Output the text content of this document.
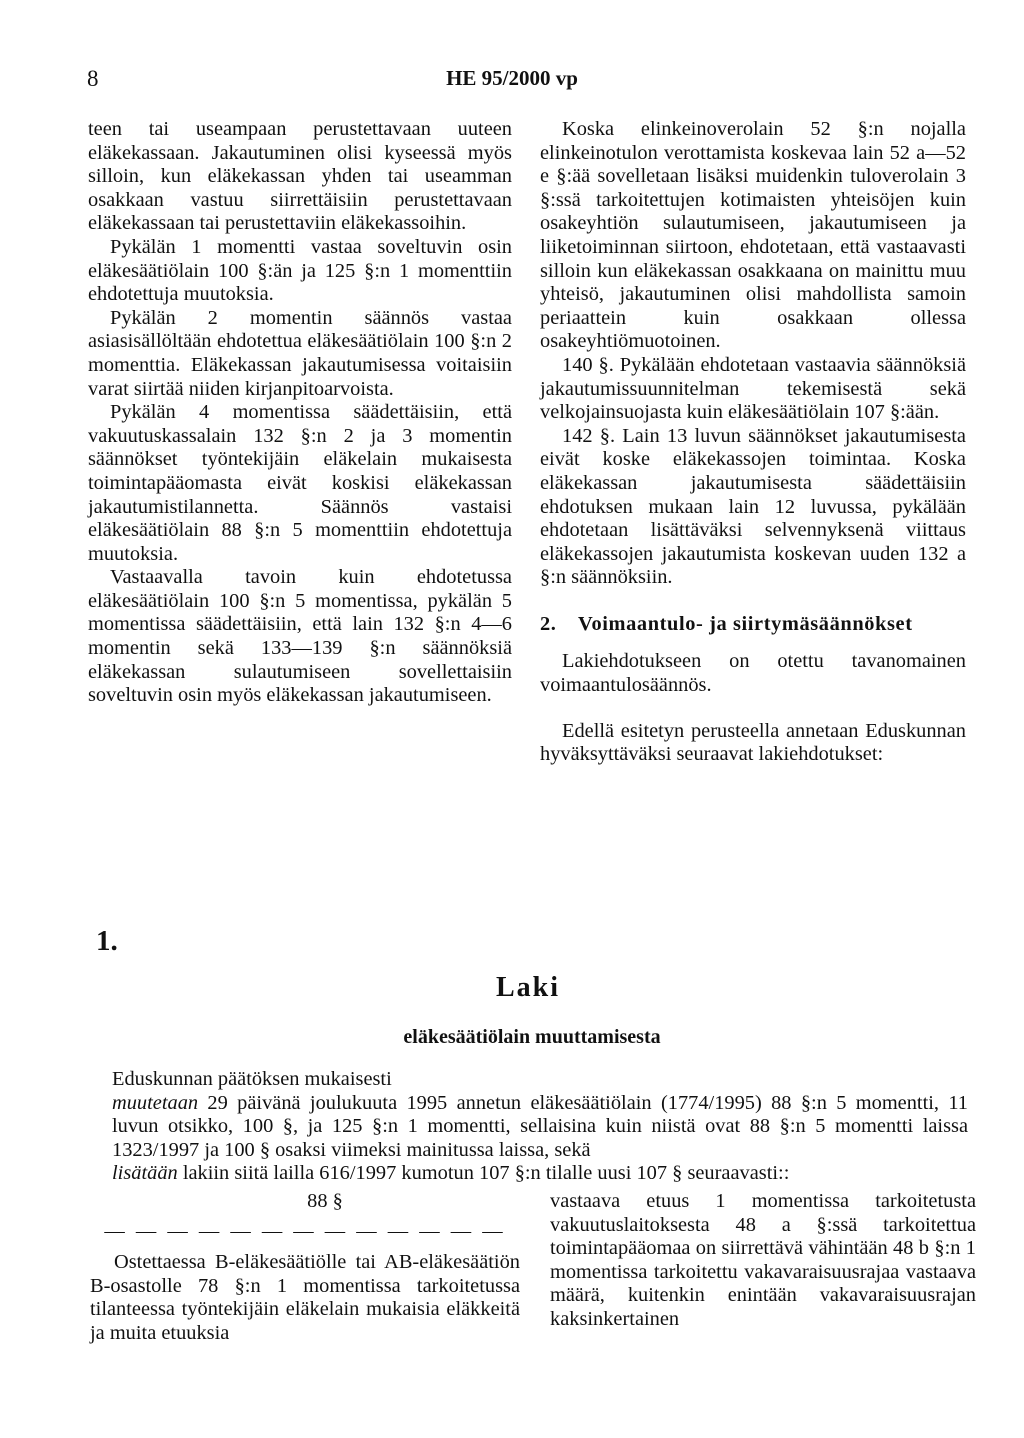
8	HE 95/2000 vp

teen tai useampaan perustettavaan uuteen eläkekassaan. Jakautuminen olisi kyseessä myös silloin, kun eläkekassan yhden tai useamman osakkaan vastuu siirrettäisiin perustettavaan eläkekassaan tai perustettaviin eläkekassoihin.

Pykälän 1 momentti vastaa soveltuvin osin eläkesäätiölain 100 §:än ja 125 §:n 1 momenttiin ehdotettuja muutoksia.

Pykälän 2 momentin säännös vastaa asiasisällöltään ehdotettua eläkesäätiölain 100 §:n 2 momenttia. Eläkekassan jakautumisessa voitaisiin varat siirtää niiden kirjanpitoarvoista.

Pykälän 4 momentissa säädettäisiin, että vakuutuskassalain 132 §:n 2 ja 3 momentin säännökset työntekijäin eläkelain mukaisesta toimintapääomasta eivät koskisi eläkekassan jakautumistilannetta. Säännös vastaisi eläkesäätiölain 88 §:n 5 momenttiin ehdotettuja muutoksia.

Vastaavalla tavoin kuin ehdotetussa eläkesäätiölain 100 §:n 5 momentissa, pykälän 5 momentissa säädettäisiin, että lain 132 §:n 4—6 momentin sekä 133—139 §:n säännöksiä eläkekassan sulautumiseen sovellettaisiin soveltuvin osin myös eläkekassan jakautumiseen.

Koska elinkeinoverolain 52 §:n nojalla elinkeinotulon verottamista koskevaa lain 52 a—52 e §:ää sovelletaan lisäksi muidenkin tuloverolain 3 §:ssä tarkoitettujen kotimaisten yhteisöjen kuin osakeyhtiön sulautumiseen, jakautumiseen ja liiketoiminnan siirtoon, ehdotetaan, että vastaavasti silloin kun eläkekassan osakkaana on mainittu muu yhteisö, jakautuminen olisi mahdollista samoin periaattein kuin osakkaan ollessa osakeyhtiömuotoinen.

140 §. Pykälään ehdotetaan vastaavia säännöksiä jakautumissuunnitelman tekemisestä sekä velkojainsuojasta kuin eläkesäätiölain 107 §:ään.

142 §. Lain 13 luvun säännökset jakautumisesta eivät koske eläkekassojen toimintaa. Koska eläkekassan jakautumisesta säädettäisiin ehdotuksen mukaan lain 12 luvussa, pykälään ehdotetaan lisättäväksi selvennyksenä viittaus eläkekassojen jakautumista koskevan uuden 132 a §:n säännöksiin.

2. Voimaantulo- ja siirtymäsäännökset

Lakiehdotukseen on otettu tavanomainen voimaantulosäännös.

Edellä esitetyn perusteella annetaan Eduskunnan hyväksyttäväksi seuraavat lakiehdotukset:

1.
Laki
eläkesäätiölain muuttamisesta

Eduskunnan päätöksen mukaisesti

muutetaan 29 päivänä joulukuuta 1995 annetun eläkesäätiölain (1774/1995) 88 §:n 5 momentti, 11 luvun otsikko, 100 §, ja 125 §:n 1 momentti, sellaisina kuin niistä ovat 88 §:n 5 momentti laissa 1323/1997 ja 100 § osaksi viimeksi mainitussa laissa, sekä

lisätään lakiin siitä lailla 616/1997 kumotun 107 §:n tilalle uusi 107 § seuraavasti::

88 §

— — — — — — — — — — — — —

Ostettaessa B-eläkesäätiölle tai AB-eläkesäätiön B-osastolle 78 §:n 1 momentissa tarkoitetussa tilanteessa työntekijäin eläkelain mukaisia eläkkeitä ja muita etuuksia

vastaava etuus 1 momentissa tarkoitetusta vakuutuslaitoksesta 48 a §:ssä tarkoitettua toimintapääomaa on siirrettävä vähintään 48 b §:n 1 momentissa tarkoitettu vakavaraisuusrajaa vastaava määrä, kuitenkin enintään vakavaraisuusrajan kaksinkertainen
